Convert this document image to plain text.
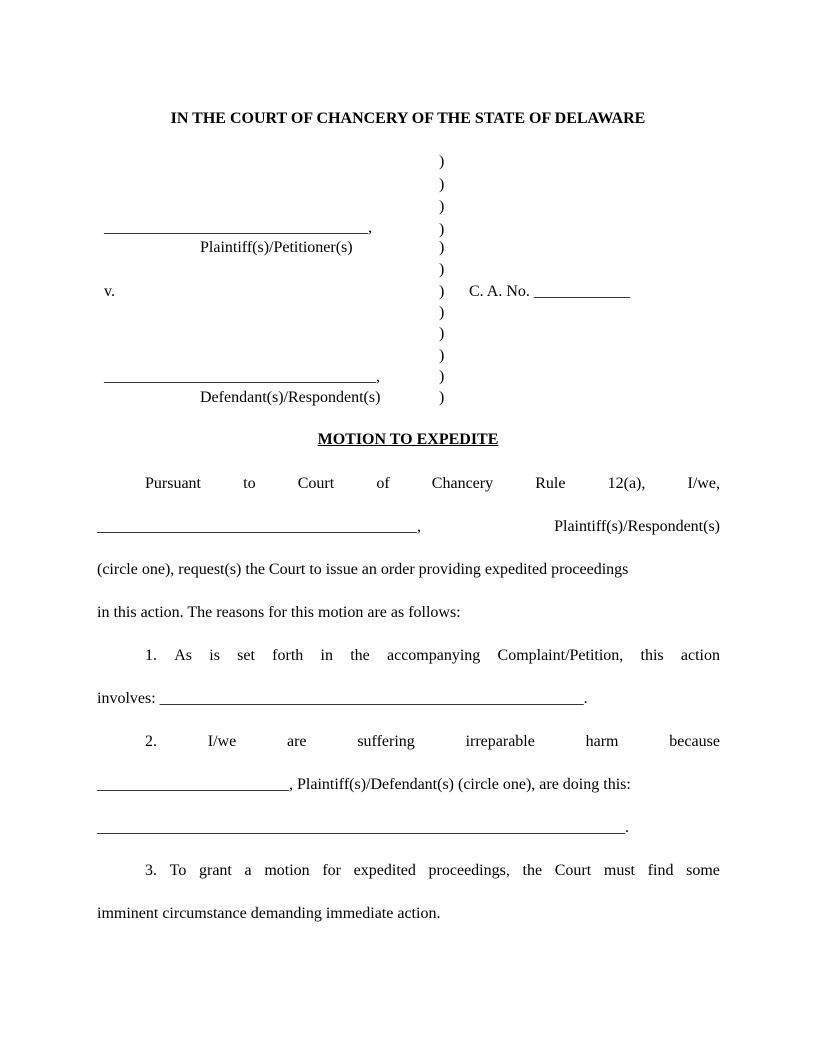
IN THE COURT OF CHANCERY OF THE STATE OF DELAWARE
)
)
)
)
)
)
)
)
)
)
)
)
_________________________________,
Plaintiff(s)/Petitioner(s)
v.	C. A. No. ____________
__________________________________,
Defendant(s)/Respondent(s)
MOTION TO EXPEDITE
Pursuant	to	Court	of	Chancery	Rule	12(a),	I/we,
________________________________________,	Plaintiff(s)/Respondent(s)
(circle one), request(s) the Court to issue an order providing expedited proceedings
in this action. The reasons for this motion are as follows:
1. As is set forth in the accompanying Complaint/Petition, this action
involves: _____________________________________________________.
2.	I/we	are	suffering	irreparable	harm	because
________________________, Plaintiff(s)/Defendant(s) (circle one), are doing this:
__________________________________________________________________.
3. To grant a motion for expedited proceedings, the Court must find some
imminent circumstance demanding immediate action.
